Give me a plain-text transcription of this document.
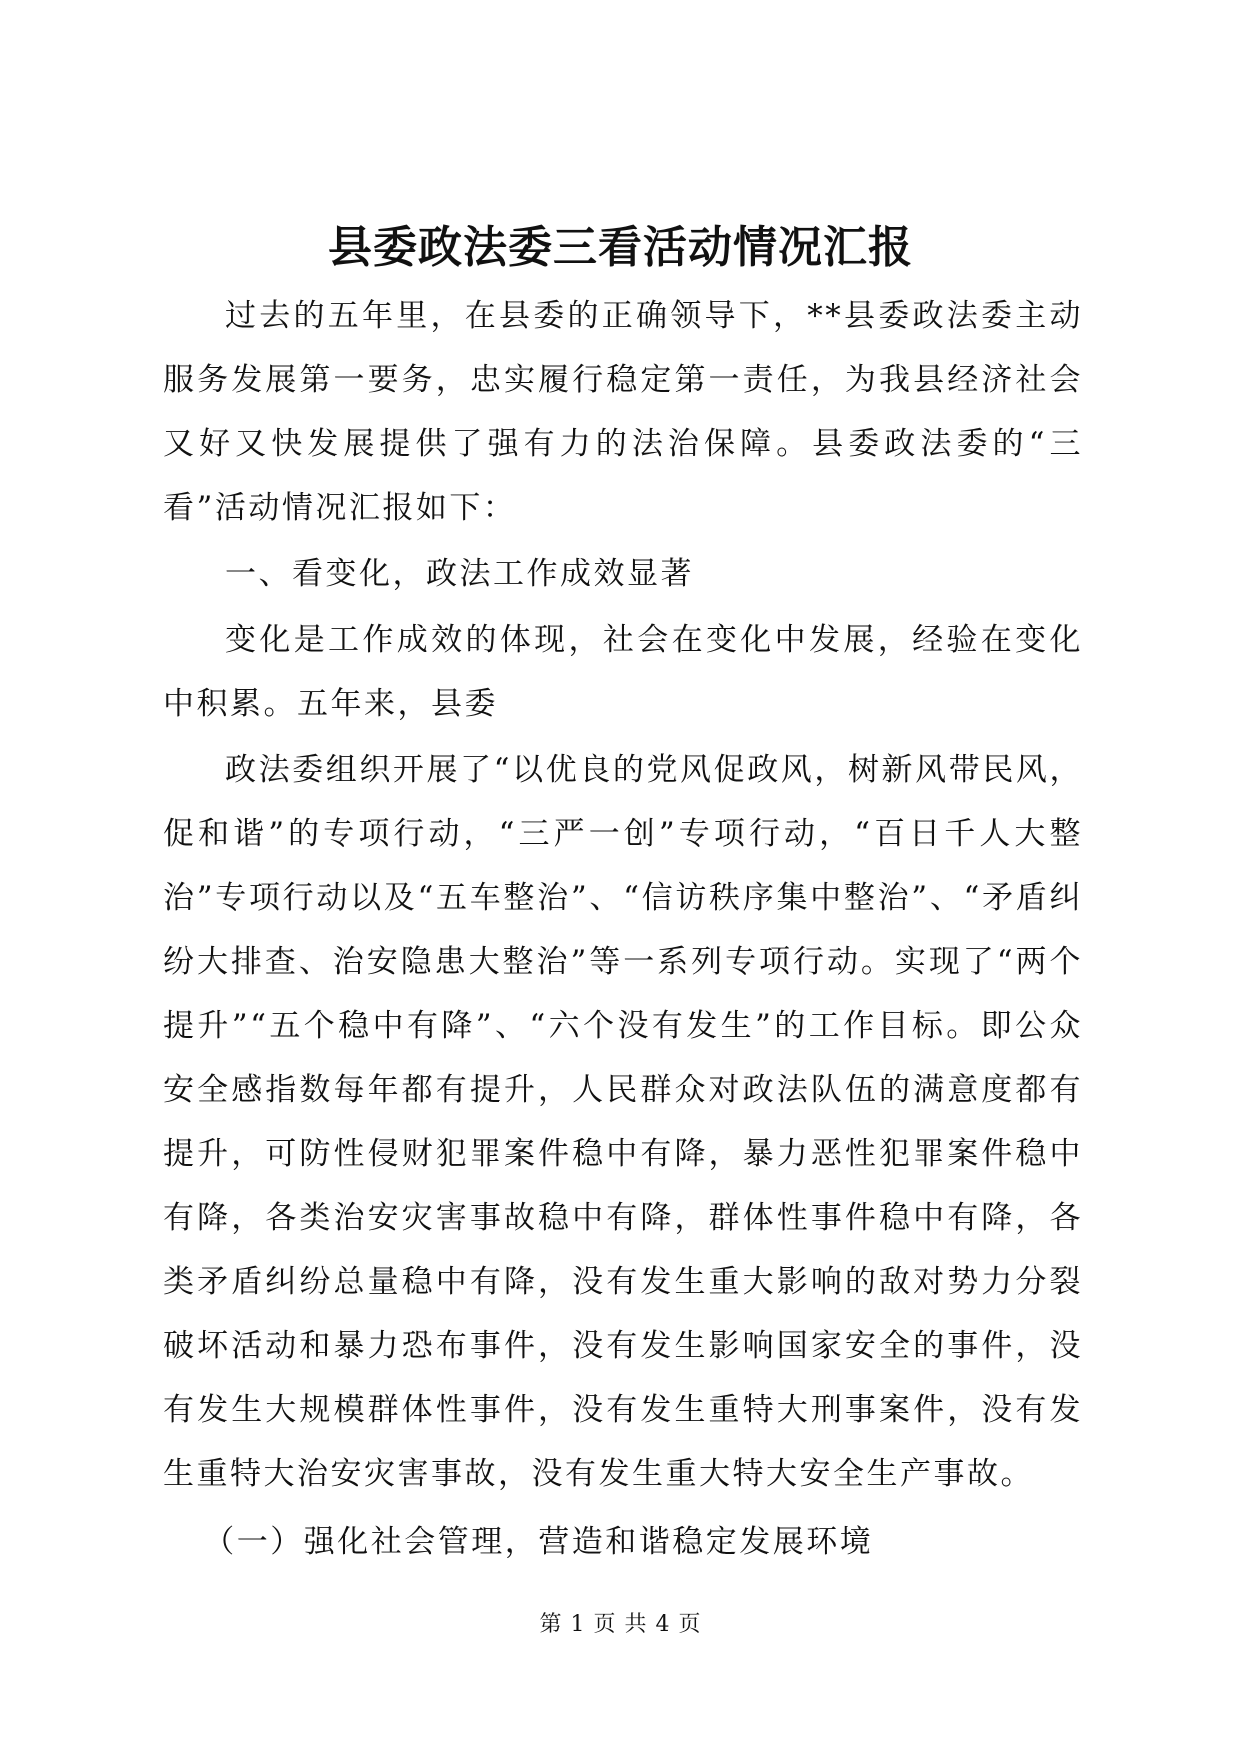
县委政法委三看活动情况汇报

过去的五年里，在县委的正确领导下，**县委政法委主动服务发展第一要务，忠实履行稳定第一责任，为我县经济社会又好又快发展提供了强有力的法治保障。县委政法委的“三看”活动情况汇报如下：

一、看变化，政法工作成效显著

变化是工作成效的体现，社会在变化中发展，经验在变化中积累。五年来，县委

政法委组织开展了“以优良的党风促政风，树新风带民风，促和谐”的专项行动，“三严一创”专项行动，“百日千人大整治”专项行动以及“五车整治”、“信访秩序集中整治”、“矛盾纠纷大排查、治安隐患大整治”等一系列专项行动。实现了“两个提升”“五个稳中有降”、“六个没有发生”的工作目标。即公众安全感指数每年都有提升，人民群众对政法队伍的满意度都有提升，可防性侵财犯罪案件稳中有降，暴力恶性犯罪案件稳中有降，各类治安灾害事故稳中有降，群体性事件稳中有降，各类矛盾纠纷总量稳中有降，没有发生重大影响的敌对势力分裂破坏活动和暴力恐布事件，没有发生影响国家安全的事件，没有发生大规模群体性事件，没有发生重特大刑事案件，没有发生重特大治安灾害事故，没有发生重大特大安全生产事故。

（一）强化社会管理，营造和谐稳定发展环境

第 1 页 共 4 页
